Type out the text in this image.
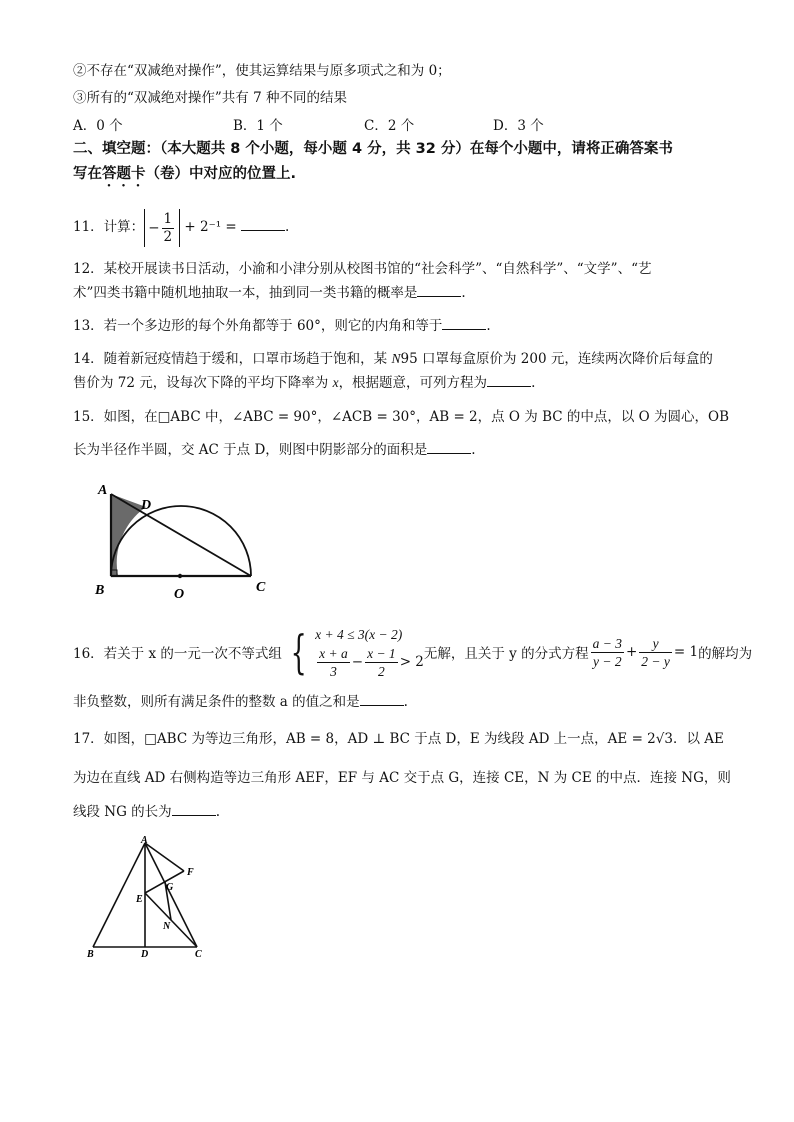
②不存在“双减绝对操作”，使其运算结果与原多项式之和为 0；
③所有的“双减绝对操作”共有 7 种不同的结果
A．0 个	B．1 个	C．2 个	D．3 个
二、填空题：（本大题共 8 个小题，每小题 4 分，共 32 分）在每个小题中，请将正确答案书
写在答题卡（卷）中对应的位置上.
11．计算： − $\frac{1}{2} + 2^{-1}$ =	.
12．某校开展读书日活动，小渝和小津分别从校图书馆的“社会科学”、“自然科学”、“文学”、“艺
术”四类书籍中随机地抽取一本，抽到同一类书籍的概率是	.
13．若一个多边形的每个外角都等于 60°，则它的内角和等于	.
14．随着新冠疫情趋于缓和，口罩市场趋于饱和，某 N95 口罩每盒原价为 200 元，连续两次降价后每盒的
售价为 72 元，设每次下降的平均下降率为 x，根据题意，可列方程为	.
15．如图，在□ABC 中，∠ABC = 90°，∠ACB = 30°，AB = 2，点 O 为 BC 的中点，以 O 为圆心，OB
长为半径作半圆，交 AC 于点 D，则图中阴影部分的面积是	.
A
D
B	O	C
16．若关于 x 的一元一次不等式组 { x + 4 ≤ 3(x − 2)
$\frac{x + a}{3} - \frac{x - 1}{2} > 2$ 无解，且关于 y 的分式方程 $\frac{a - 3}{y - 2} + \frac{y}{2 - y} = 1$ 的解均为
非负整数，则所有满足条件的整数 a 的值之和是	.
17．如图，□ABC 为等边三角形，AB = 8，AD ⊥ BC 于点 D，E 为线段 AD 上一点，AE = 2√3．以 AE
为边在直线 AD 右侧构造等边三角形 AEF，EF 与 AC 交于点 G，连接 CE，N 为 CE 的中点．连接 NG，则
线段 NG 的长为	.
A
F
G
E
N
B	D	C
